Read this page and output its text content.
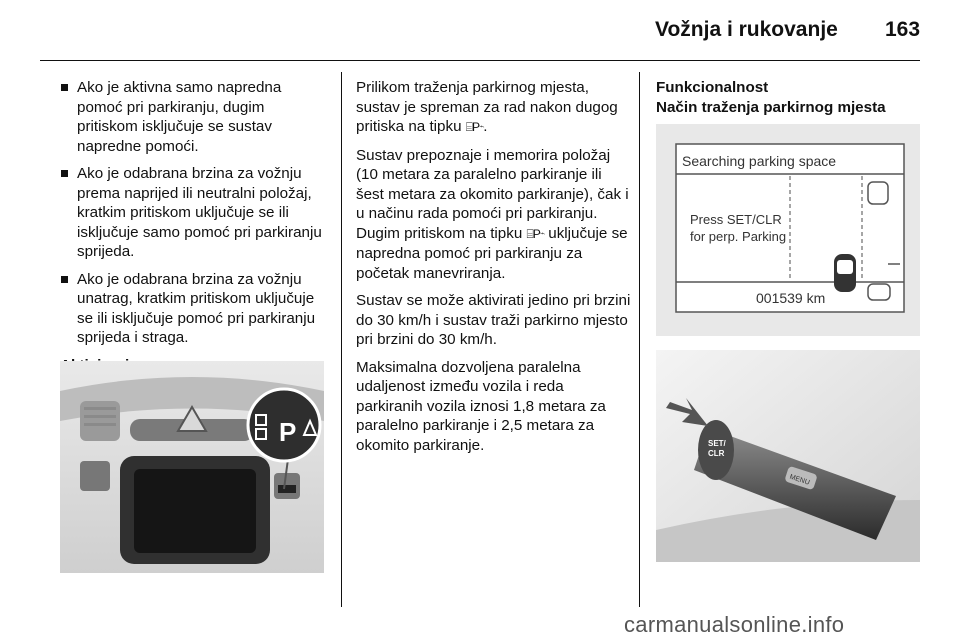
Vožnja i rukovanje 163
Ako je aktivna samo napredna pomoć pri parkiranju, dugim pritiskom isključuje se sustav napredne pomoći.
Ako je odabrana brzina za vožnju prema naprijed ili neutralni položaj, kratkim pritiskom uključuje se ili isključuje samo pomoć pri parkiranju sprijeda.
Ako je odabrana brzina za vožnju unatrag, kratkim pritiskom uključuje se ili isključuje pomoć pri parkiranju sprijeda i straga.
P

Prilikom traženja parkirnog mjesta, sustav je spreman za rad nakon dugog pritiska na tipku ⌸P⌁.

Sustav prepoznaje i memorira položaj (10 metara za paralelno parkiranje ili šest metara za okomito parkiranje), čak i u načinu rada pomoći pri parkiranju. Dugim pritiskom na tipku ⌸P⌁ uključuje se napredna pomoć pri parkiranju za početak manevriranja.

Sustav se može aktivirati jedino pri brzini do 30 km/h i sustav traži parkirno mjesto pri brzini do 30 km/h.

Maksimalna dozvoljena paralelna udaljenost između vozila i reda parkiranih vozila iznosi 1,8 metara za paralelno parkiranje i 2,5 metara za okomito parkiranje.

Funkcionalnost
Način traženja parkirnog mjesta
Searching parking space
Press SET/CLR
for perp. Parking
001539 km
SET/
CLR
MENU
carmanualsonline.info
